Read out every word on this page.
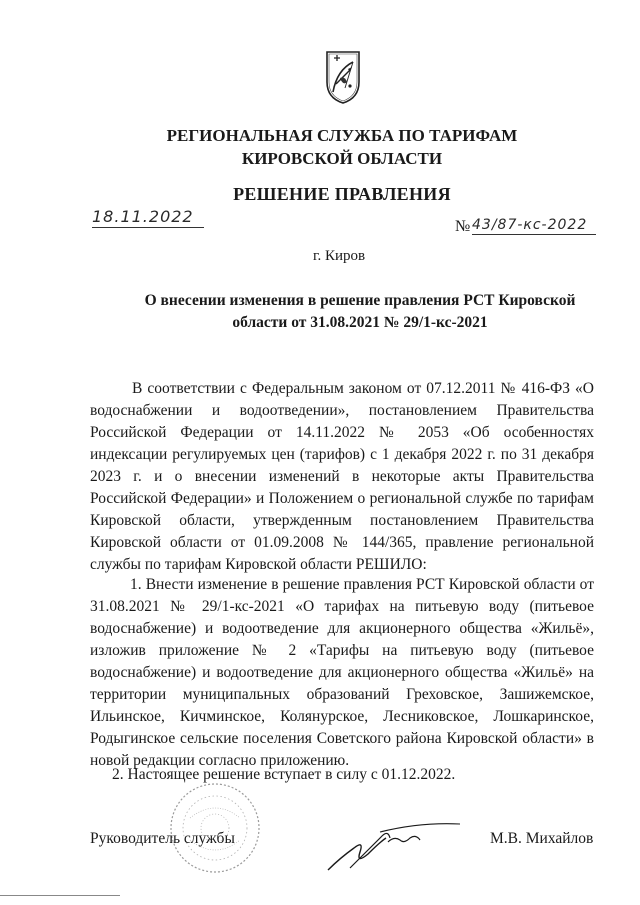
РЕГИОНАЛЬНАЯ СЛУЖБА ПО ТАРИФАМ
КИРОВСКОЙ ОБЛАСТИ
РЕШЕНИЕ ПРАВЛЕНИЯ
18.11.2022
№ 43/87-кс-2022
г. Киров
О внесении изменения в решение правления РСТ Кировской области от 31.08.2021 № 29/1-кс-2021
В соответствии с Федеральным законом от 07.12.2011 № 416-ФЗ «О водоснабжении и водоотведении», постановлением Правительства Российской Федерации от 14.11.2022 № 2053 «Об особенностях индексации регулируемых цен (тарифов) с 1 декабря 2022 г. по 31 декабря 2023 г. и о внесении изменений в некоторые акты Правительства Российской Федерации» и Положением о региональной службе по тарифам Кировской области, утвержденным постановлением Правительства Кировской области от 01.09.2008 № 144/365, правление региональной службы по тарифам Кировской области РЕШИЛО:
1. Внести изменение в решение правления РСТ Кировской области от 31.08.2021 № 29/1-кс-2021 «О тарифах на питьевую воду (питьевое водоснабжение) и водоотведение для акционерного общества «Жильё», изложив приложение № 2 «Тарифы на питьевую воду (питьевое водоснабжение) и водоотведение для акционерного общества «Жильё» на территории муниципальных образований Греховское, Зашижемское, Ильинское, Кичминское, Колянурское, Лесниковское, Лошкаринское, Родыгинское сельские поселения Советского района Кировской области» в новой редакции согласно приложению.
2. Настоящее решение вступает в силу с 01.12.2022.
Руководитель службы	М.В. Михайлов
